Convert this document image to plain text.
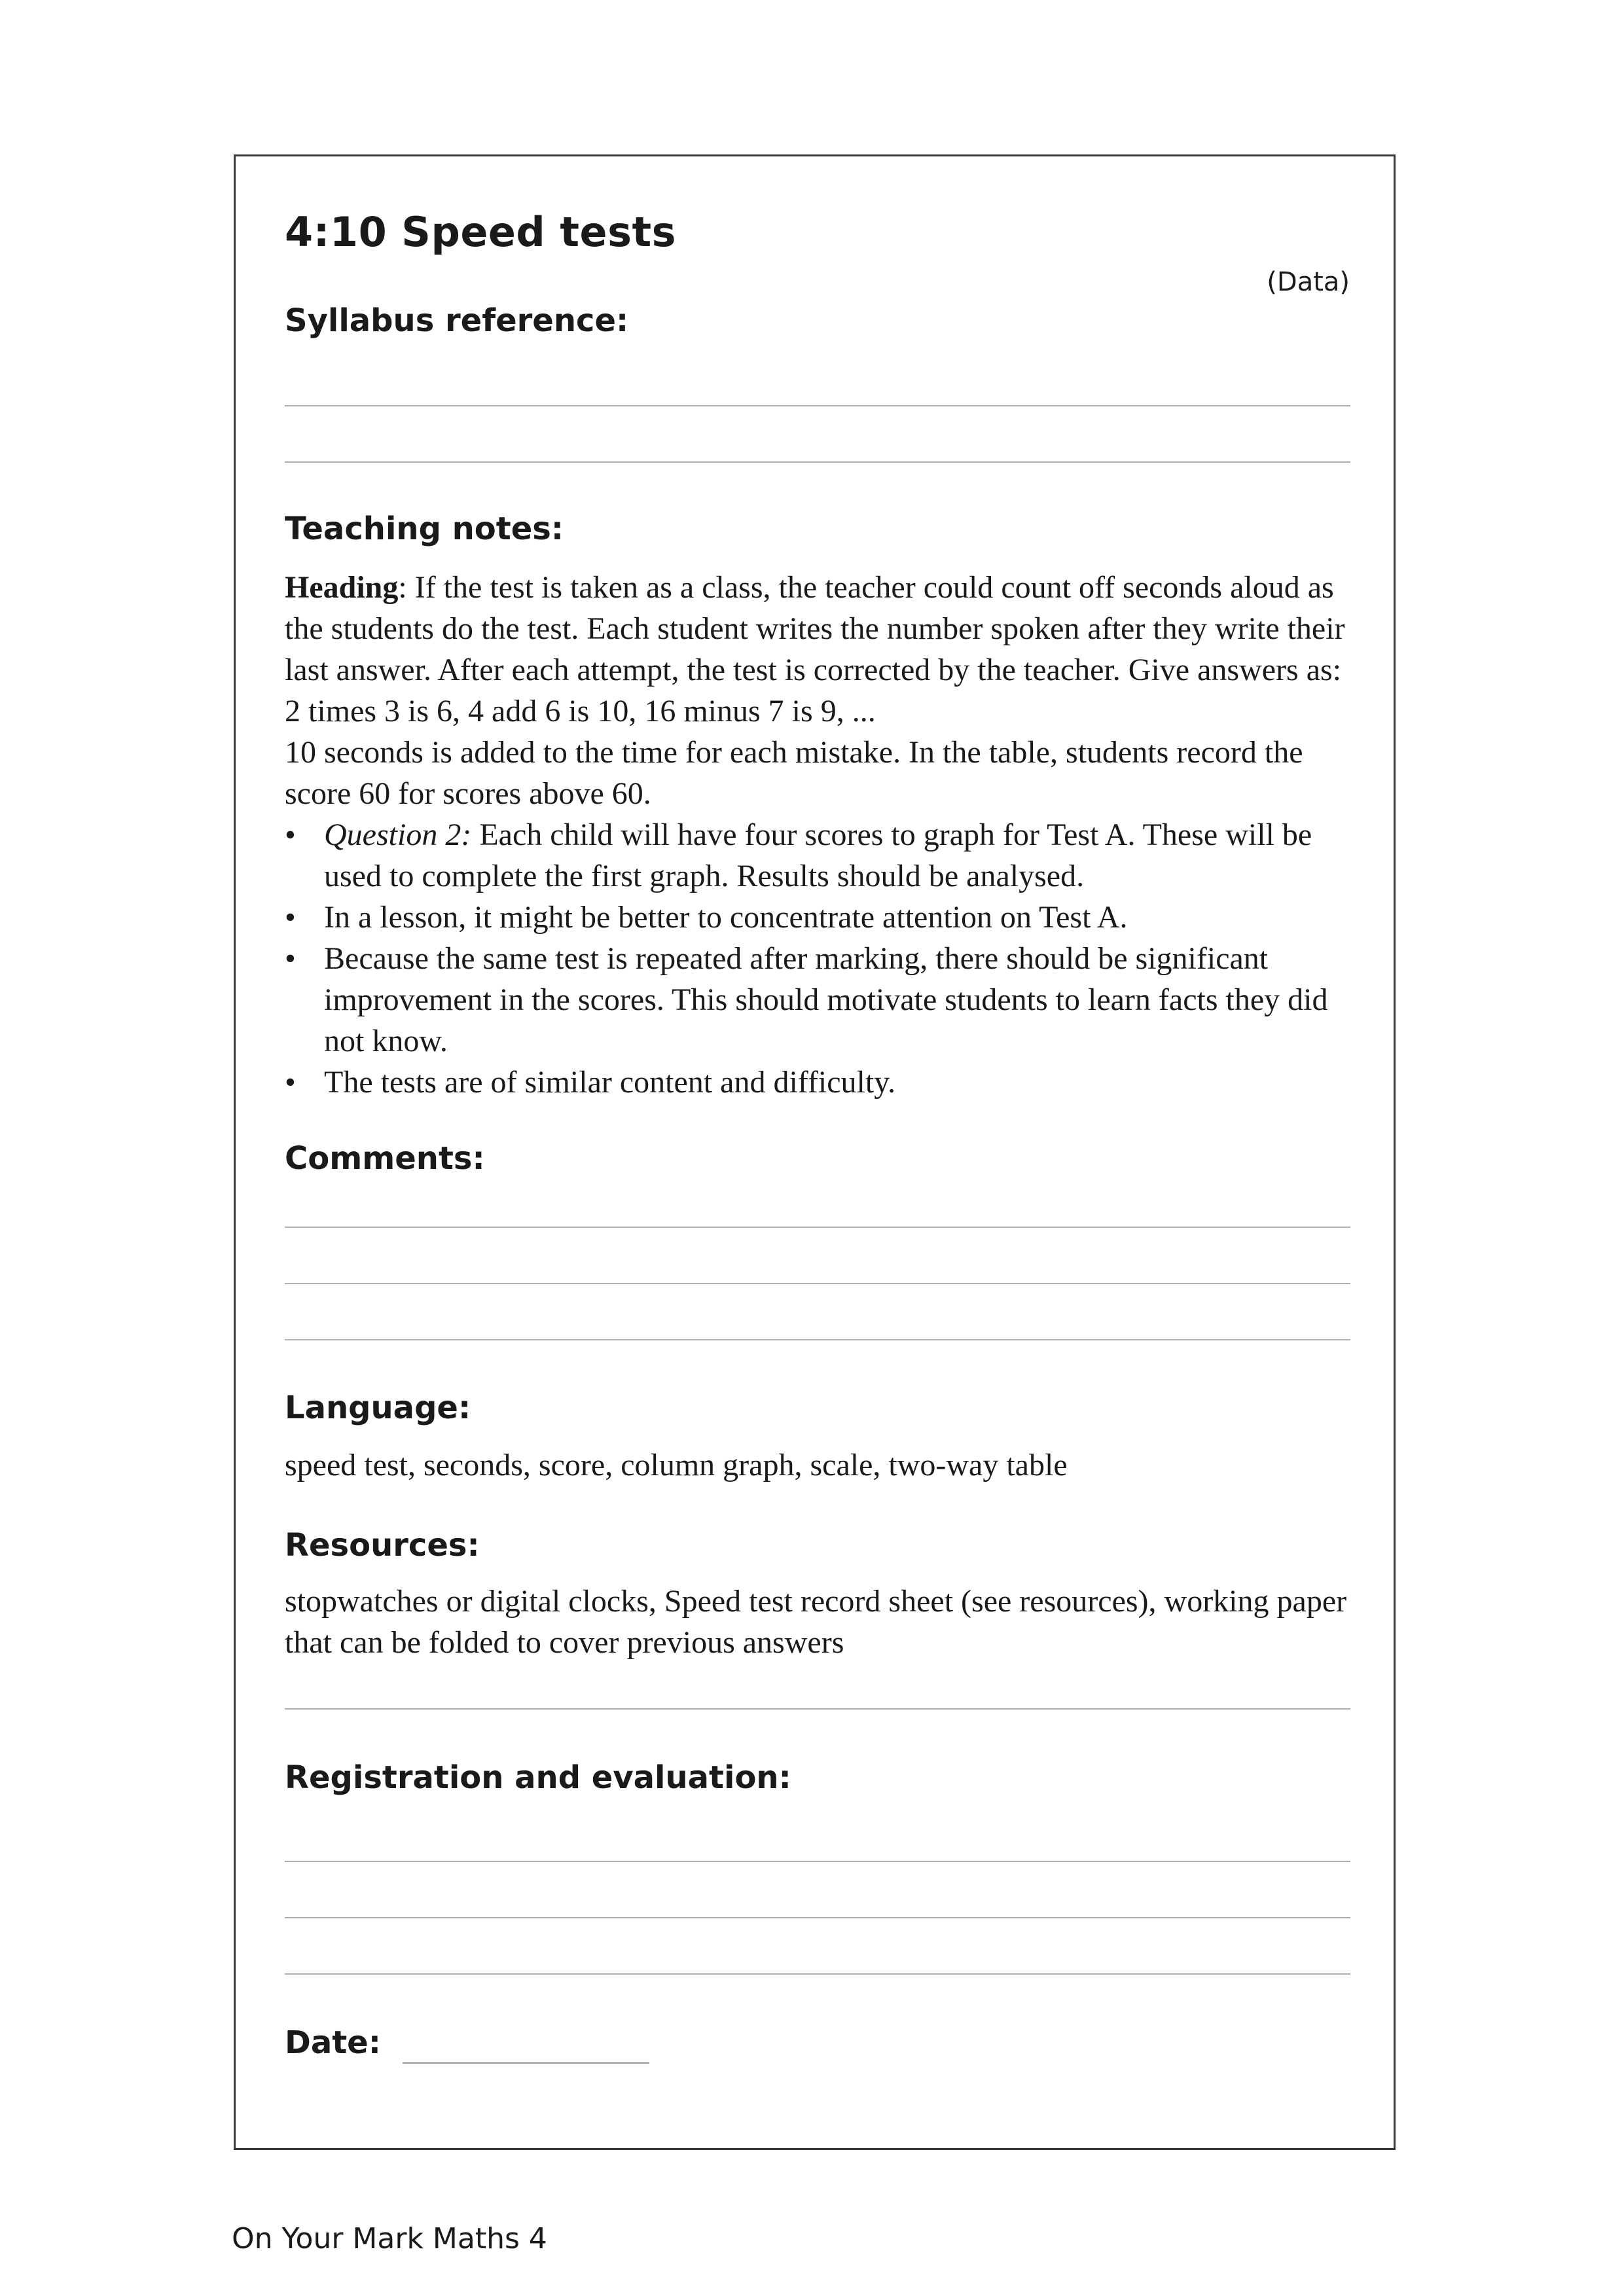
4:10 Speed tests
(Data)
Syllabus reference:
Teaching notes:

Heading: If the test is taken as a class, the teacher could count off seconds aloud as the students do the test. Each student writes the number spoken after they write their last answer. After each attempt, the test is corrected by the teacher. Give answers as: 2 times 3 is 6, 4 add 6 is 10, 16 minus 7 is 9, ...

10 seconds is added to the time for each mistake. In the table, students record the score 60 for scores above 60.

• Question 2: Each child will have four scores to graph for Test A. These will be used to complete the first graph. Results should be analysed.
• In a lesson, it might be better to concentrate attention on Test A.
• Because the same test is repeated after marking, there should be significant improvement in the scores. This should motivate students to learn facts they did not know.
• The tests are of similar content and difficulty.
Comments:
Language:
speed test, seconds, score, column graph, scale, two-way table
Resources:
stopwatches or digital clocks, Speed test record sheet (see resources), working paper that can be folded to cover previous answers
Registration and evaluation:
Date:
On Your Mark Maths 4
